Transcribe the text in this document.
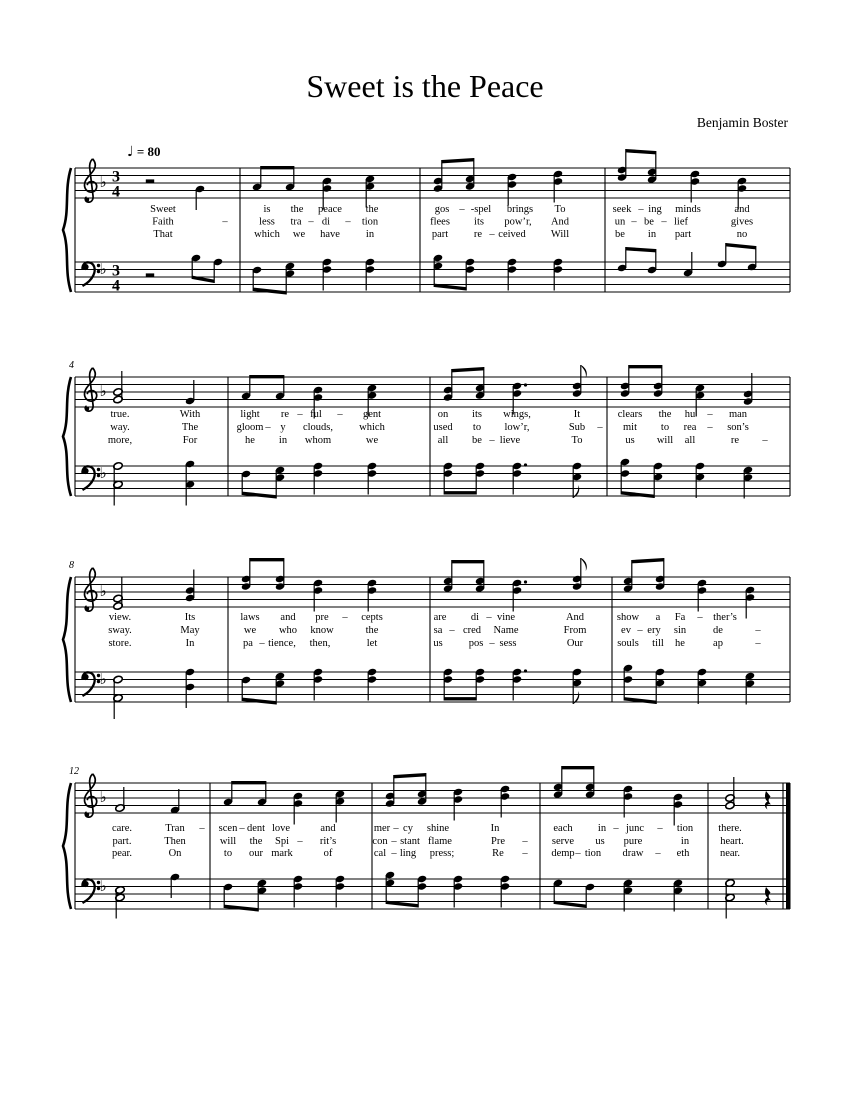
Sweet is the Peace
Benjamin Boster
♩ = 80
♭
♭
3
4
3
4
Sweet	is the peace the	gos – -spel brings To	seek – ing minds	and
Faith	–	less tra – di – tion	flees its pow’r, And	un – be – lief	gives
That	which we have in	part re – ceived Will	be in part	no
♭
♭
4
true.	With	light re – ful – gent	on its wings,	It	clears the hu – man
way.	The	gloom – y clouds, which	used to low’r,	Sub – mit to rea – son’s
more,	For	he in whom	we	all be – lieve	To	us will all	re –
♭
♭
8
view.	Its	laws and pre – cepts	are di – vine	And	show a Fa – ther’s
sway.	May	we who know	the	sa – cred Name	From	ev – ery sin	de	–
store.	In	pa – tience, then,	let	us pos – sess	Our	souls till he	ap	–
♭
♭
12
care.	Tran – scen – dent love	and	mer – cy shine	In	each in – junc – tion there.
part.	Then	will the Spi – rit’s	con – stant flame	Pre – serve us pure	in	heart.
pear.	On	to our mark	of	cal – ling press;	Re – demp – tion draw – eth	near.
